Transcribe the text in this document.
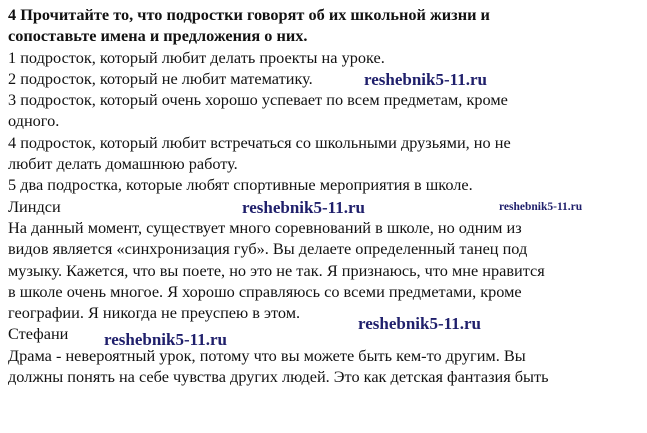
4 Прочитайте то, что подростки говорят об их школьной жизни и
сопоставьте имена и предложения о них.
1 подросток, который любит делать проекты на уроке.
2 подросток, который не любит математику.
3 подросток, который очень хорошо успевает по всем предметам, кроме
одного.
4 подросток, который любит встречаться со школьными друзьями, но не
любит делать домашнюю работу.
5 два подростка, которые любят спортивные мероприятия в школе.
Линдси
На данный момент, существует много соревнований в школе, но одним из
видов является «синхронизация губ». Вы делаете определенный танец под
музыку. Кажется, что вы поете, но это не так. Я признаюсь, что мне нравится
в школе очень многое. Я хорошо справляюсь со всеми предметами, кроме
географии. Я никогда не преуспею в этом.
Стефани
Драма - невероятный урок, потому что вы можете быть кем-то другим. Вы
должны понять на себе чувства других людей. Это как детская фантазия быть
reshebnik5-11.ru
reshebnik5-11.ru	reshebnik5-11.ru
reshebnik5-11.ru
reshebnik5-11.ru
